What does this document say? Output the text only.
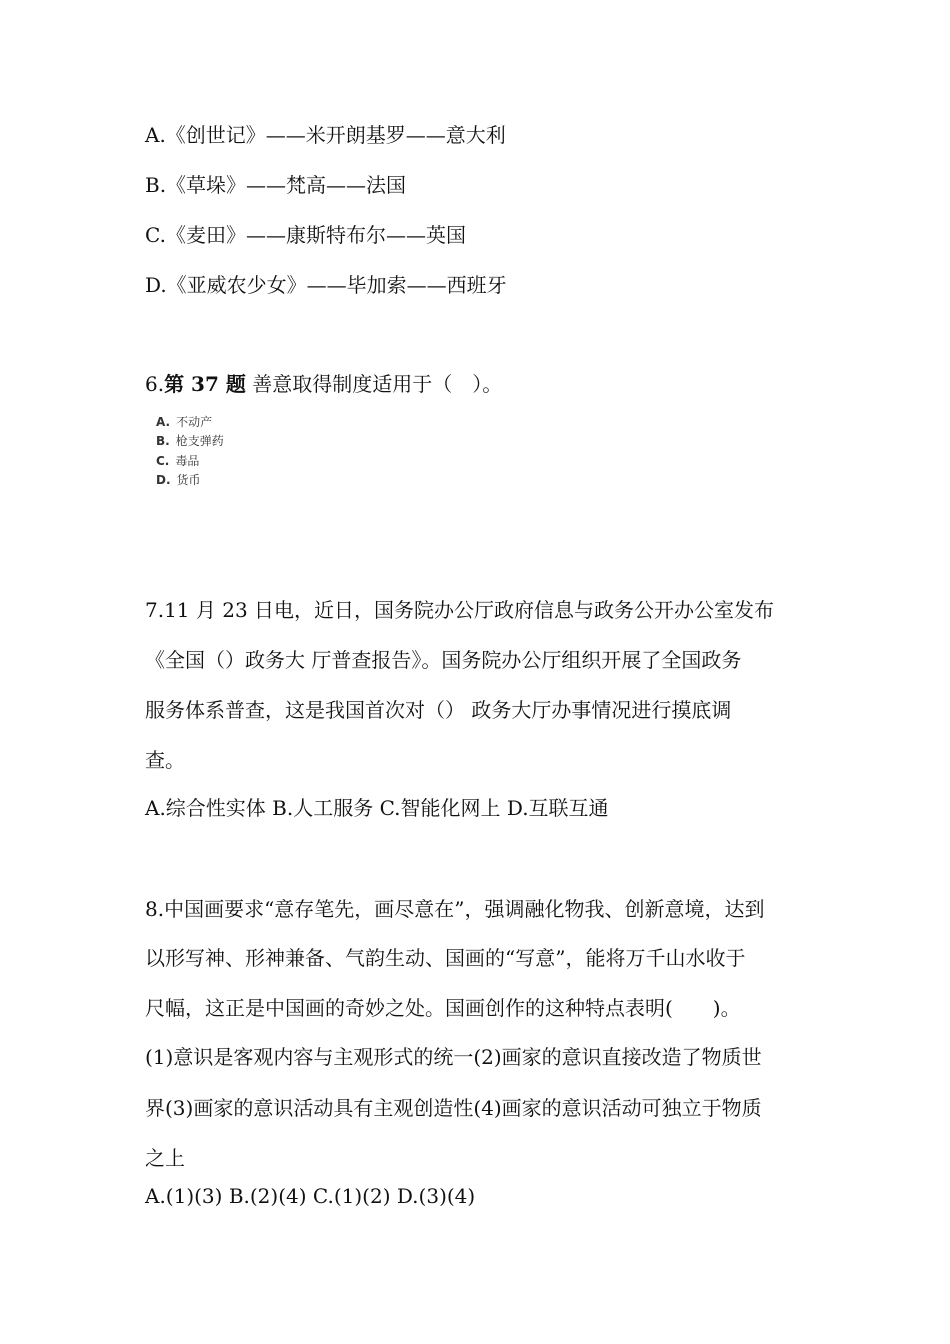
A.《创世记》——米开朗基罗——意大利
B.《草垛》——梵高——法国
C.《麦田》——康斯特布尔——英国
D.《亚威农少女》——毕加索——西班牙
6.第 37 题 善意取得制度适用于（　）。
A. 不动产
B. 枪支弹药
C. 毒品
D. 货币
7.11 月 23 日电，近日，国务院办公厅政府信息与政务公开办公室发布
《全国（）政务大 厅普查报告》。国务院办公厅组织开展了全国政务
服务体系普查，这是我国首次对（） 政务大厅办事情况进行摸底调
查。
A.综合性实体 B.人工服务 C.智能化网上 D.互联互通
8.中国画要求“意存笔先，画尽意在”，强调融化物我、创新意境，达到
以形写神、形神兼备、气韵生动、国画的“写意”，能将万千山水收于
尺幅，这正是中国画的奇妙之处。国画创作的这种特点表明(　　)。
(1)意识是客观内容与主观形式的统一(2)画家的意识直接改造了物质世
界(3)画家的意识活动具有主观创造性(4)画家的意识活动可独立于物质
之上
A.(1)(3) B.(2)(4) C.(1)(2) D.(3)(4)
